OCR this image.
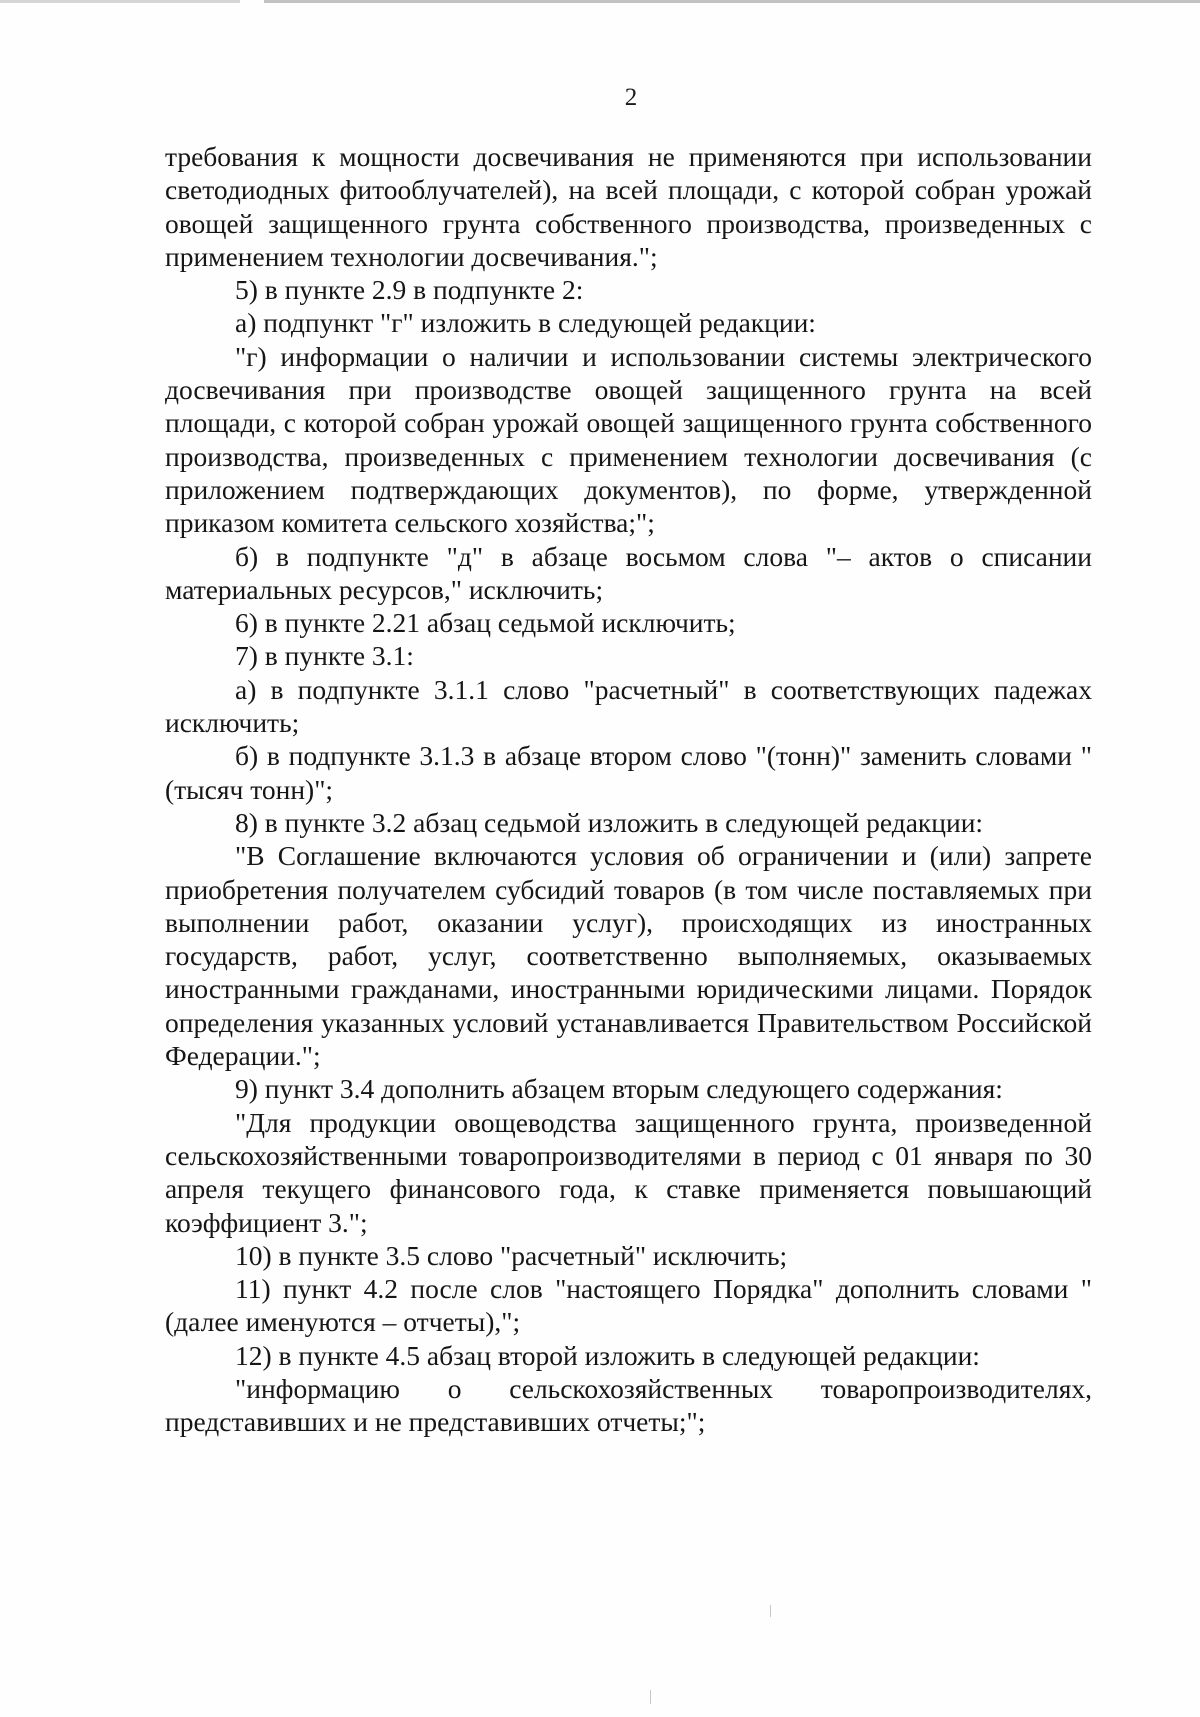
2

требования к мощности досвечивания не применяются при использовании светодиодных фитооблучателей), на всей площади, с которой собран урожай овощей защищенного грунта собственного производства, произведенных с применением технологии досвечивания.";

5) в пункте 2.9 в подпункте 2:

а) подпункт "г" изложить в следующей редакции:

"г) информации о наличии и использовании системы электрического досвечивания при производстве овощей защищенного грунта на всей площади, с которой собран урожай овощей защищенного грунта собственного производства, произведенных с применением технологии досвечивания (с приложением подтверждающих документов), по форме, утвержденной приказом комитета сельского хозяйства;";

б) в подпункте "д" в абзаце восьмом слова "– актов о списании материальных ресурсов," исключить;

6) в пункте 2.21 абзац седьмой исключить;

7) в пункте 3.1:

а) в подпункте 3.1.1 слово "расчетный" в соответствующих падежах исключить;

б) в подпункте 3.1.3 в абзаце втором слово "(тонн)" заменить словами "(тысяч тонн)";

8) в пункте 3.2 абзац седьмой изложить в следующей редакции:

"В Соглашение включаются условия об ограничении и (или) запрете приобретения получателем субсидий товаров (в том числе поставляемых при выполнении работ, оказании услуг), происходящих из иностранных государств, работ, услуг, соответственно выполняемых, оказываемых иностранными гражданами, иностранными юридическими лицами. Порядок определения указанных условий устанавливается Правительством Российской Федерации.";

9) пункт 3.4 дополнить абзацем вторым следующего содержания:

"Для продукции овощеводства защищенного грунта, произведенной сельскохозяйственными товаропроизводителями в период с 01 января по 30 апреля текущего финансового года, к ставке применяется повышающий коэффициент 3.";

10) в пункте 3.5 слово "расчетный" исключить;

11) пункт 4.2 после слов "настоящего Порядка" дополнить словами "(далее именуются – отчеты),";

12) в пункте 4.5 абзац второй изложить в следующей редакции:

"информацию о сельскохозяйственных товаропроизводителях, представивших и не представивших отчеты;";
